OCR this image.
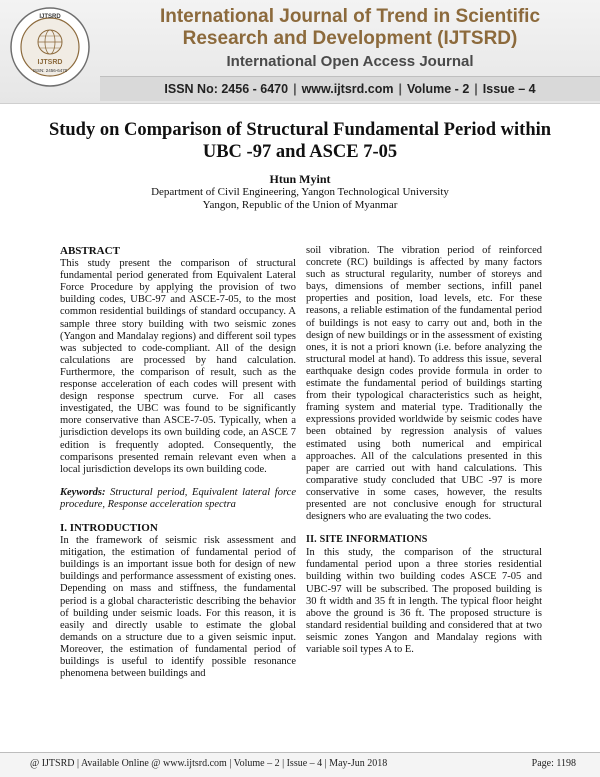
IJTSRD
IJTSRD
ISSN: 2456-6470
International Journal of Trend in Scientific
Research and Development (IJTSRD)
International Open Access Journal
ISSN No: 2456 - 6470 | www.ijtsrd.com | Volume - 2 | Issue – 4
Study on Comparison of Structural Fundamental Period within
UBC -97 and ASCE 7-05
Htun Myint
Department of Civil Engineering, Yangon Technological University
Yangon, Republic of the Union of Myanmar
ABSTRACT

This study present the comparison of structural fundamental period generated from Equivalent Lateral Force Procedure by applying the provision of two building codes, UBC-97 and ASCE-7-05, to the most common residential buildings of standard occupancy. A sample three story building with two seismic zones (Yangon and Mandalay regions) and different soil types was subjected to code-compliant. All of the design calculations are processed by hand calculation. Furthermore, the comparison of result, such as the response acceleration of each codes will present with design response spectrum curve. For all cases investigated, the UBC was found to be significantly more conservative than ASCE-7-05. Typically, when a jurisdiction develops its own building code, an ASCE 7 edition is frequently adopted. Consequently, the comparisons presented remain relevant even when a local jurisdiction develops its own building code.

Keywords: Structural period, Equivalent lateral force procedure, Response acceleration spectra

I. INTRODUCTION

In the framework of seismic risk assessment and mitigation, the estimation of fundamental period of buildings is an important issue both for design of new buildings and performance assessment of existing ones. Depending on mass and stiffness, the fundamental period is a global characteristic describing the behavior of building under seismic loads. For this reason, it is easily and directly usable to estimate the global demands on a structure due to a given seismic input. Moreover, the estimation of fundamental period of buildings is useful to identify possible resonance phenomena between buildings and

soil vibration. The vibration period of reinforced concrete (RC) buildings is affected by many factors such as structural regularity, number of storeys and bays, dimensions of member sections, infill panel properties and position, load levels, etc. For these reasons, a reliable estimation of the fundamental period of buildings is not easy to carry out and, both in the design of new buildings or in the assessment of existing ones, it is not a priori known (i.e. before analyzing the structural model at hand). To address this issue, several earthquake design codes provide formula in order to estimate the fundamental period of buildings starting from their typological characteristics such as height, framing system and material type. Traditionally the expressions provided worldwide by seismic codes have been obtained by regression analysis of values estimated using both numerical and empirical approaches. All of the calculations presented in this paper are carried out with hand calculations. This comparative study concluded that UBC -97 is more conservative in some cases, however, the results presented are not conclusive enough for structural designers who are evaluating the two codes.

II. SITE INFORMATIONS

In this study, the comparison of the structural fundamental period upon a three stories residential building within two building codes ASCE 7-05 and UBC-97 will be subscribed. The proposed building is 30 ft width and 35 ft in length. The typical floor height above the ground is 36 ft. The proposed structure is standard residential building and considered that at two seismic zones Yangon and Mandalay regions with variable soil types A to E.

@ IJTSRD | Available Online @ www.ijtsrd.com | Volume – 2 | Issue – 4 | May-Jun 2018	Page: 1198
